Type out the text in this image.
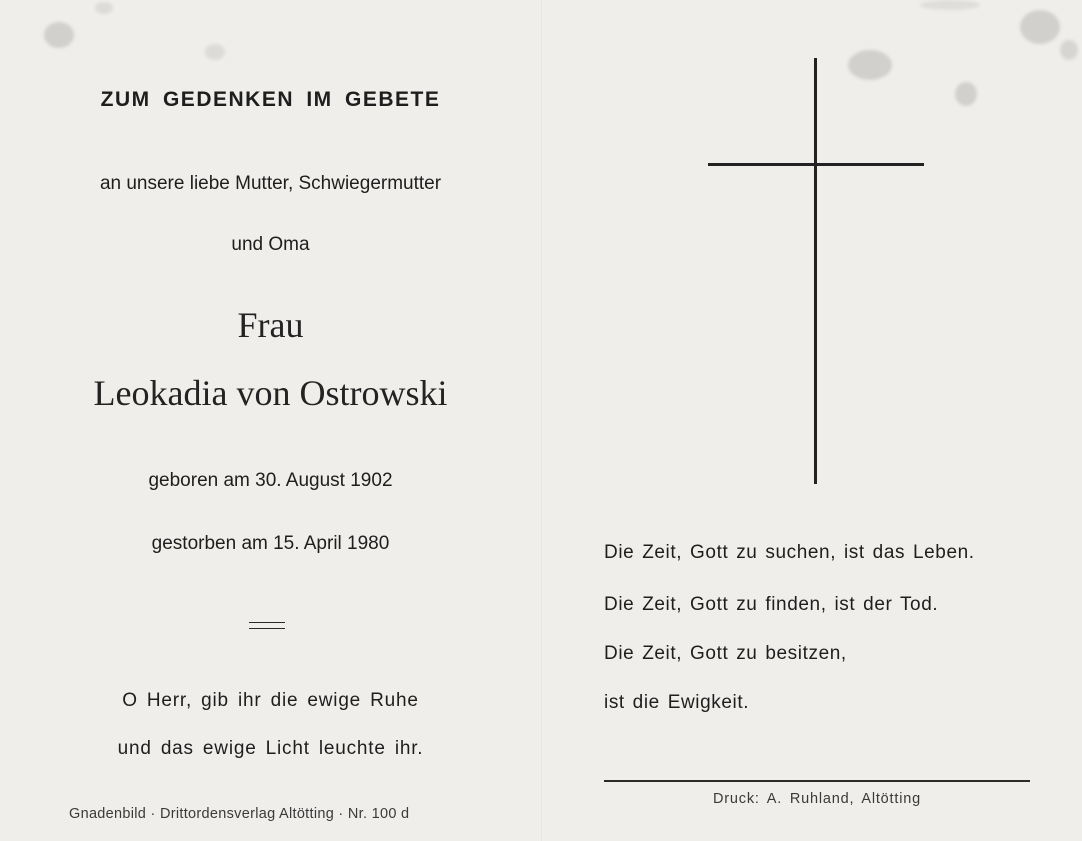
ZUM GEDENKEN IM GEBETE
an unsere liebe Mutter, Schwiegermutter
und Oma
Frau
Leokadia von Ostrowski
geboren am 30. August 1902
gestorben am 15. April 1980
O Herr, gib ihr die ewige Ruhe
und das ewige Licht leuchte ihr.
Gnadenbild · Drittordensverlag Altötting · Nr. 100 d
Die Zeit, Gott zu suchen, ist das Leben.
Die Zeit, Gott zu finden, ist der Tod.
Die Zeit, Gott zu besitzen,
ist die Ewigkeit.
Druck: A. Ruhland, Altötting
